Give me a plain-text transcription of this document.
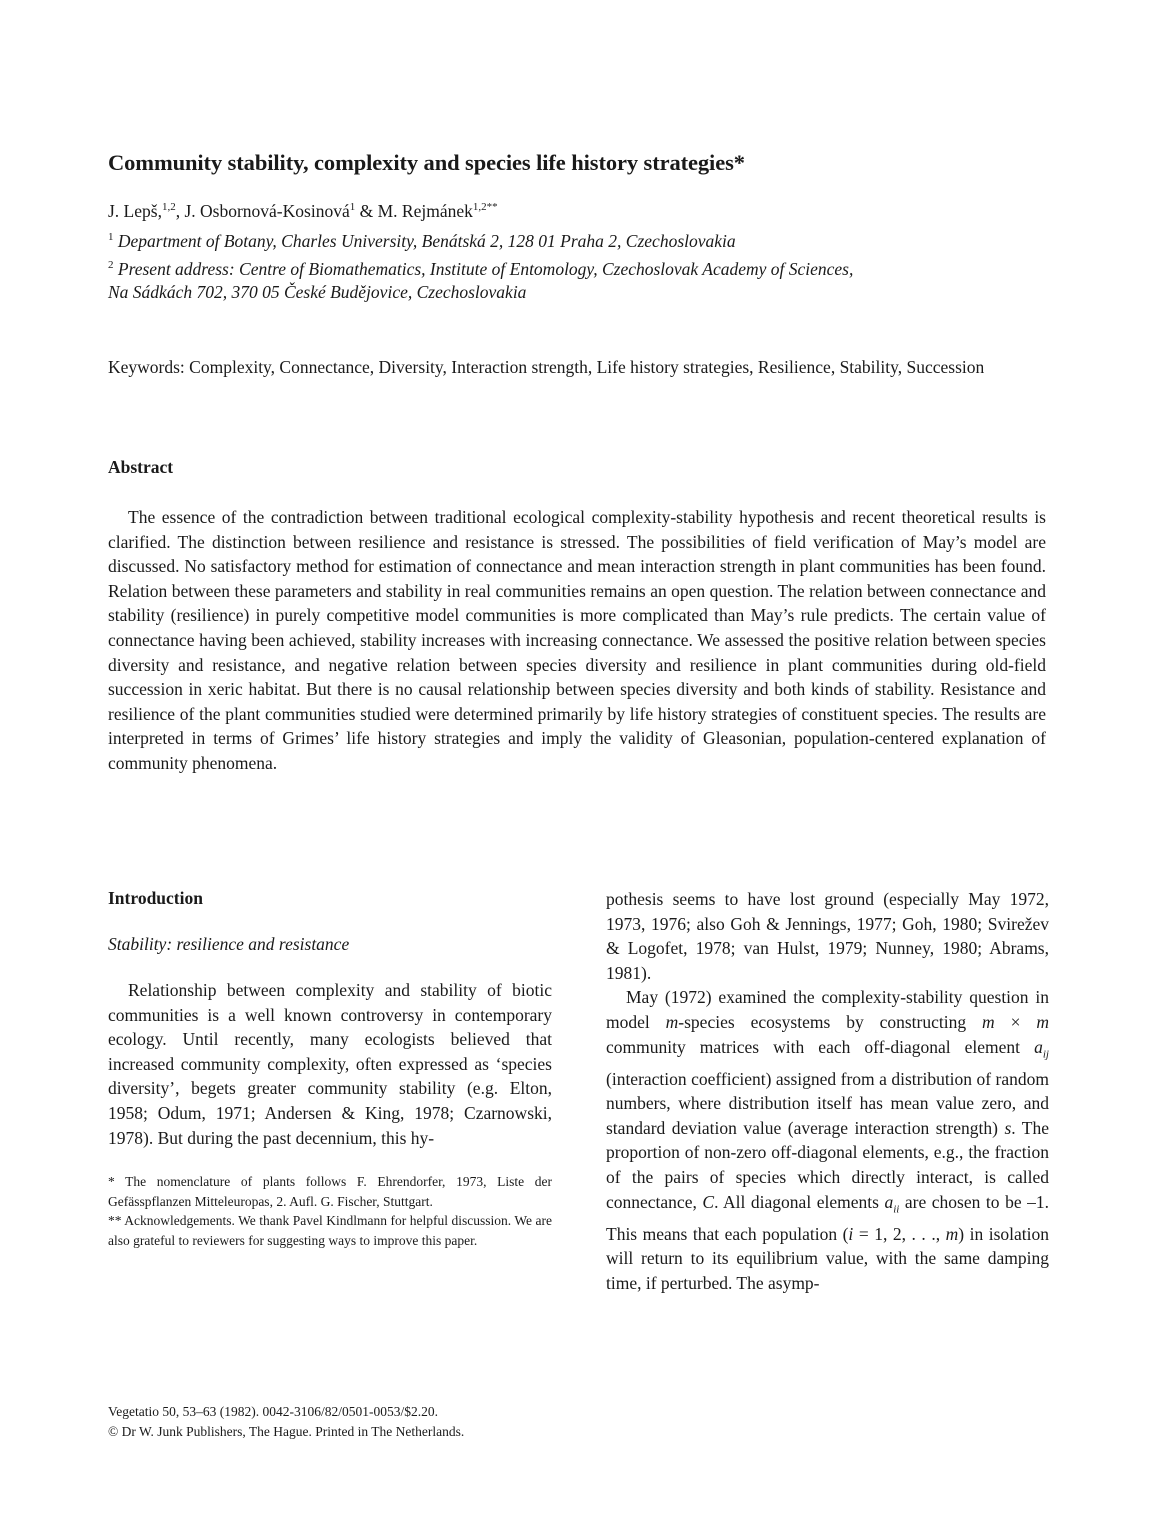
Community stability, complexity and species life history strategies*
J. Lepš,$^{1,2}$, J. Osbornová-Kosinová$^1$ & M. Rejmánek$^{1,2**}$
$^1$ Department of Botany, Charles University, Benátská 2, 128 01 Praha 2, Czechoslovakia
$^2$ Present address: Centre of Biomathematics, Institute of Entomology, Czechoslovak Academy of Sciences,
Na Sádkách 702, 370 05 České Budějovice, Czechoslovakia
Keywords: Complexity, Connectance, Diversity, Interaction strength, Life history strategies, Resilience, Stability, Succession
Abstract

The essence of the contradiction between traditional ecological complexity-stability hypothesis and recent theoretical results is clarified. The distinction between resilience and resistance is stressed. The possibilities of field verification of May’s model are discussed. No satisfactory method for estimation of connectance and mean interaction strength in plant communities has been found. Relation between these parameters and stability in real communities remains an open question. The relation between connectance and stability (resilience) in purely competitive model communities is more complicated than May’s rule predicts. The certain value of connectance having been achieved, stability increases with increasing connectance. We assessed the positive relation between species diversity and resistance, and negative relation between species diversity and resilience in plant communities during old-field succession in xeric habitat. But there is no causal relationship between species diversity and both kinds of stability. Resistance and resilience of the plant communities studied were determined primarily by life history strategies of constituent species. The results are interpreted in terms of Grimes’ life history strategies and imply the validity of Gleasonian, population-centered explanation of community phenomena.

Introduction
Stability: resilience and resistance

Relationship between complexity and stability of biotic communities is a well known controversy in contemporary ecology. Until recently, many ecologists believed that increased community complexity, often expressed as ‘species diversity’, begets greater community stability (e.g. Elton, 1958; Odum, 1971; Andersen & King, 1978; Czarnowski, 1978). But during the past decennium, this hy-

* The nomenclature of plants follows F. Ehrendorfer, 1973, Liste der Gefässpflanzen Mitteleuropas, 2. Aufl. G. Fischer, Stuttgart.

** Acknowledgements. We thank Pavel Kindlmann for helpful discussion. We are also grateful to reviewers for suggesting ways to improve this paper.

pothesis seems to have lost ground (especially May 1972, 1973, 1976; also Goh & Jennings, 1977; Goh, 1980; Svirežev & Logofet, 1978; van Hulst, 1979; Nunney, 1980; Abrams, 1981).

May (1972) examined the complexity-stability question in model m-species ecosystems by constructing m × m community matrices with each off-diagonal element $a_{ij}$ (interaction coefficient) assigned from a distribution of random numbers, where distribution itself has mean value zero, and standard deviation value (average interaction strength) s. The proportion of non-zero off-diagonal elements, e.g., the fraction of the pairs of species which directly interact, is called connectance, C. All diagonal elements $a_{ii}$ are chosen to be –1. This means that each population (i = 1, 2, . . ., m) in isolation will return to its equilibrium value, with the same damping time, if perturbed. The asymp-

Vegetatio 50, 53–63 (1982). 0042-3106/82/0501-0053/$2.20.

© Dr W. Junk Publishers, The Hague. Printed in The Netherlands.
